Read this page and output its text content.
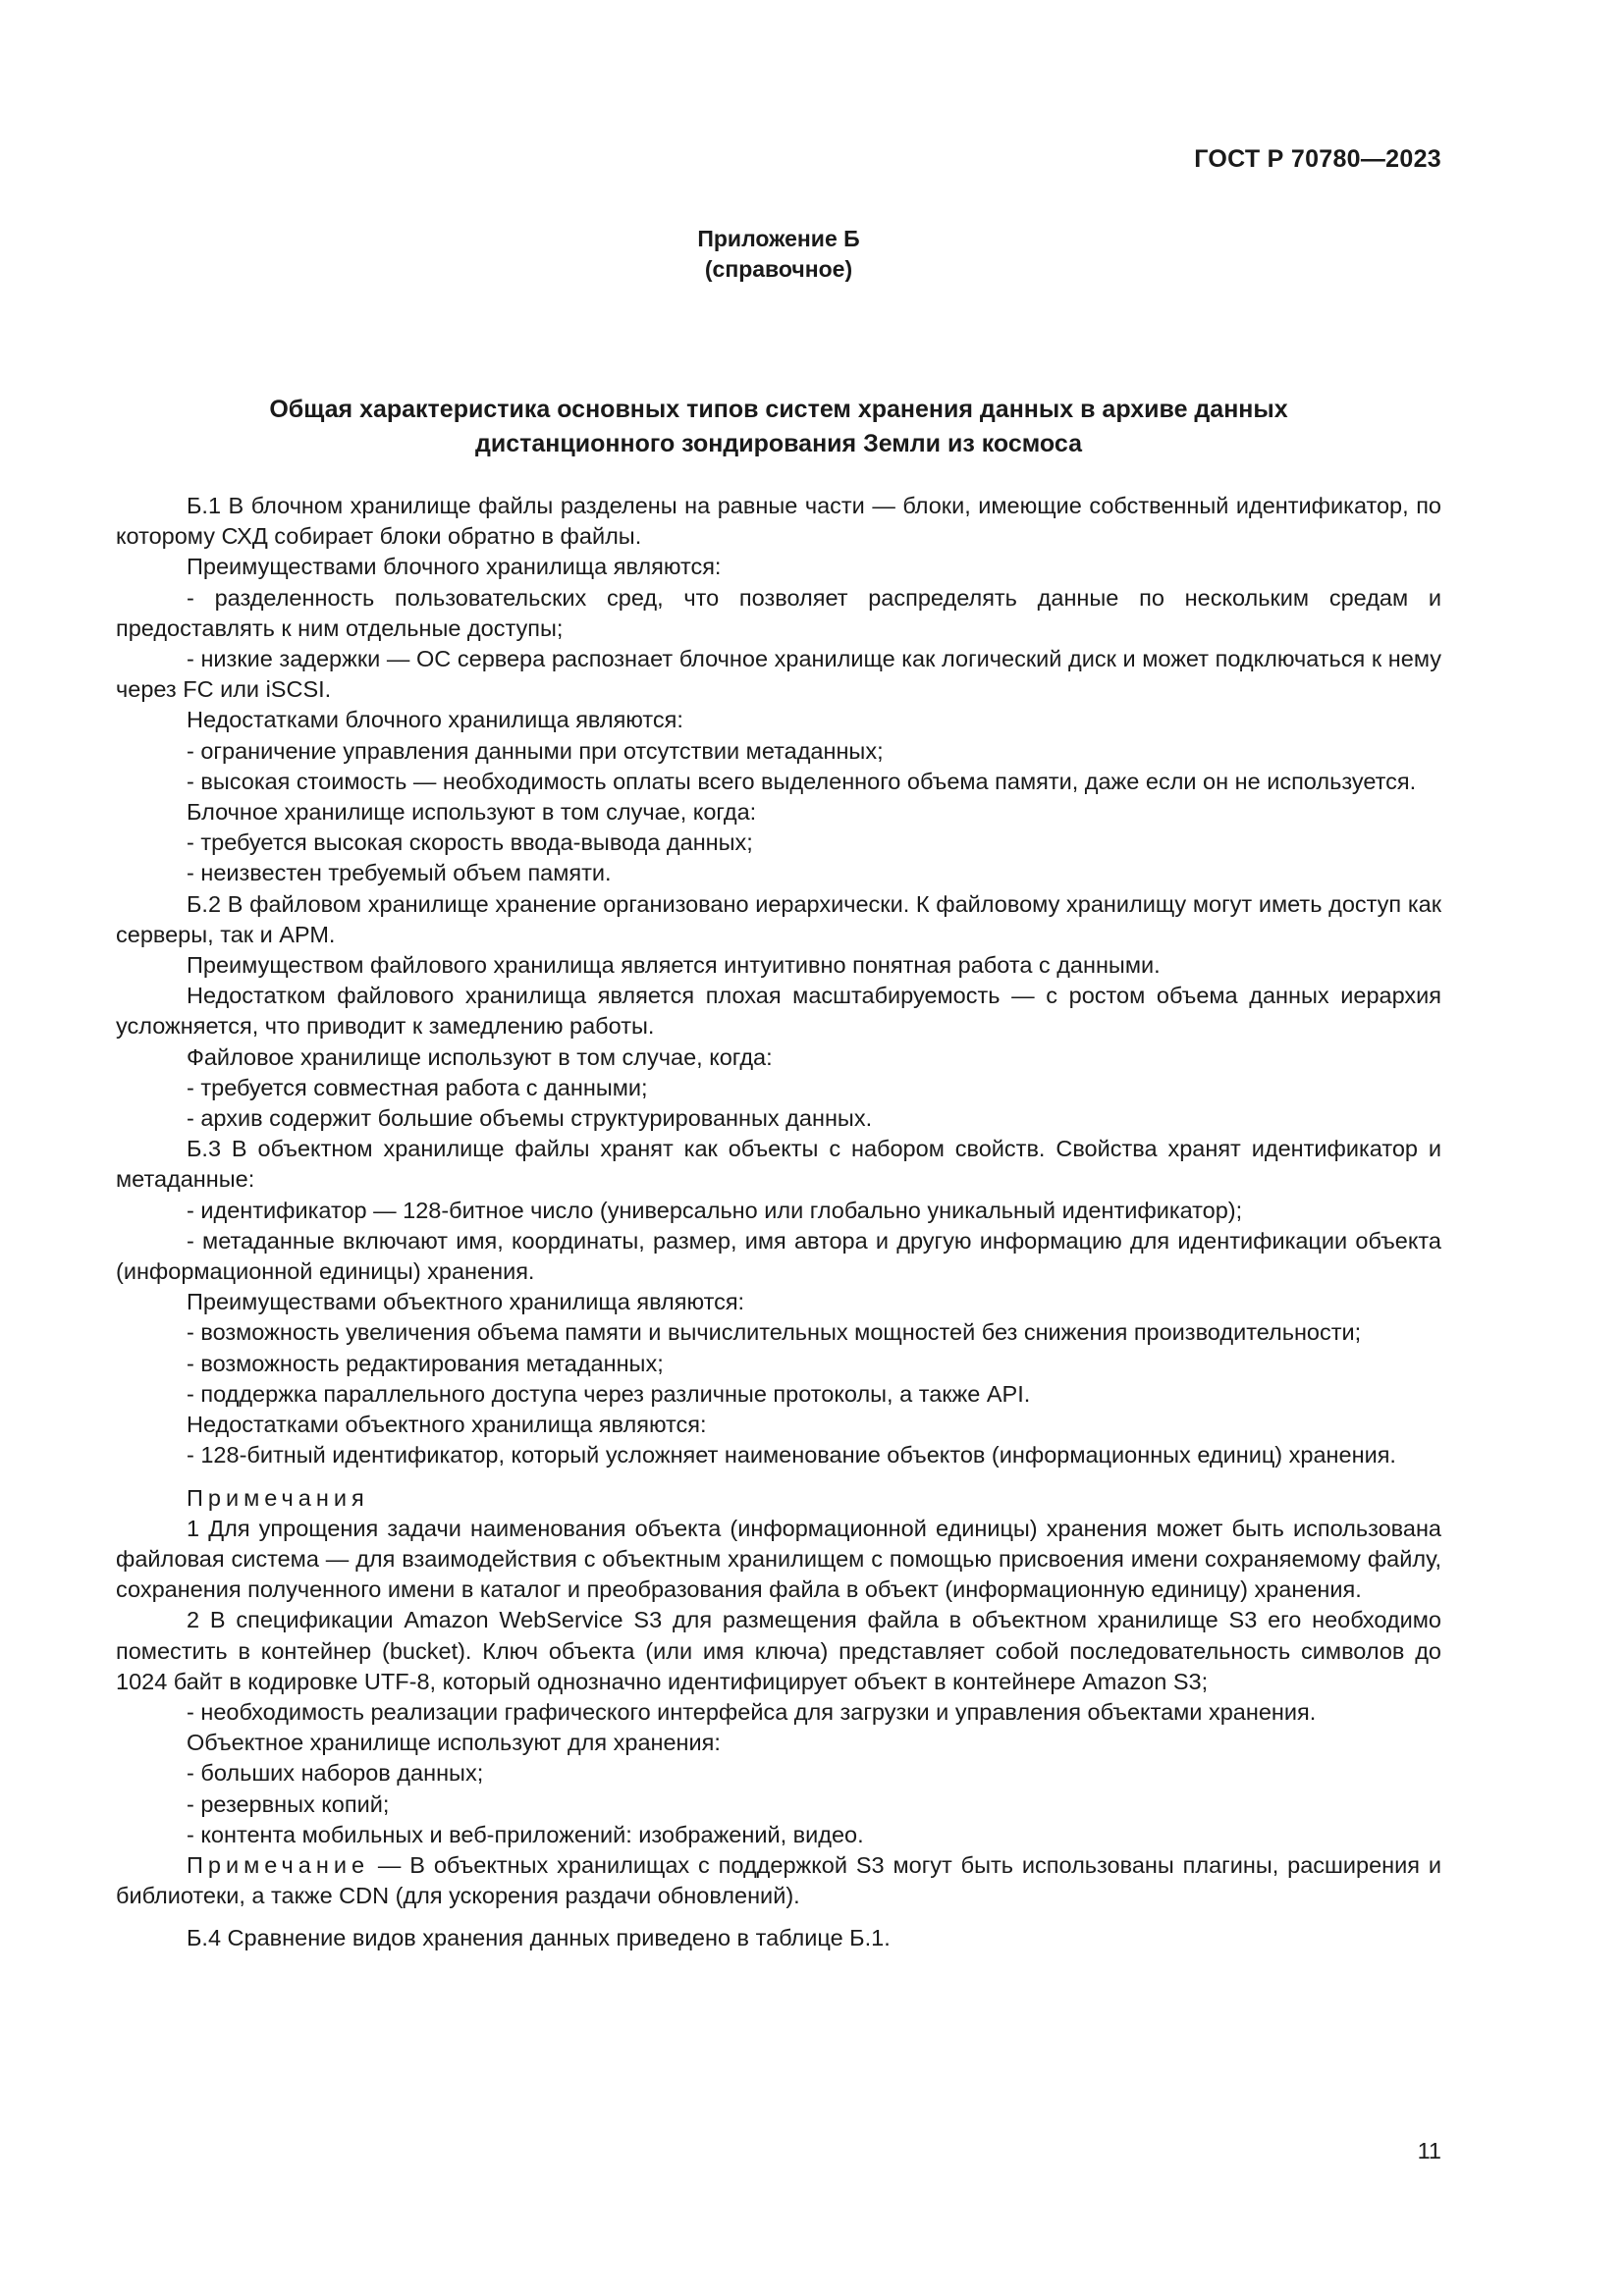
ГОСТ Р 70780—2023
Приложение Б
(справочное)
Общая характеристика основных типов систем хранения данных в архиве данных
дистанционного зондирования Земли из космоса

Б.1 В блочном хранилище файлы разделены на равные части — блоки, имеющие собственный идентификатор, по которому СХД собирает блоки обратно в файлы.

Преимуществами блочного хранилища являются:

- разделенность пользовательских сред, что позволяет распределять данные по нескольким средам и предоставлять к ним отдельные доступы;

- низкие задержки — ОС сервера распознает блочное хранилище как логический диск и может подключаться к нему через FC или iSCSI.

Недостатками блочного хранилища являются:

- ограничение управления данными при отсутствии метаданных;

- высокая стоимость — необходимость оплаты всего выделенного объема памяти, даже если он не используется.

Блочное хранилище используют в том случае, когда:

- требуется высокая скорость ввода-вывода данных;

- неизвестен требуемый объем памяти.

Б.2 В файловом хранилище хранение организовано иерархически. К файловому хранилищу могут иметь доступ как серверы, так и АРМ.

Преимуществом файлового хранилища является интуитивно понятная работа с данными.

Недостатком файлового хранилища является плохая масштабируемость — с ростом объема данных иерархия усложняется, что приводит к замедлению работы.

Файловое хранилище используют в том случае, когда:

- требуется совместная работа с данными;

- архив содержит большие объемы структурированных данных.

Б.3 В объектном хранилище файлы хранят как объекты с набором свойств. Свойства хранят идентификатор и метаданные:

- идентификатор — 128-битное число (универсально или глобально уникальный идентификатор);

- метаданные включают имя, координаты, размер, имя автора и другую информацию для идентификации объекта (информационной единицы) хранения.

Преимуществами объектного хранилища являются:

- возможность увеличения объема памяти и вычислительных мощностей без снижения производительности;

- возможность редактирования метаданных;

- поддержка параллельного доступа через различные протоколы, а также API.

Недостатками объектного хранилища являются:

- 128-битный идентификатор, который усложняет наименование объектов (информационных единиц) хранения.

Примечания

1 Для упрощения задачи наименования объекта (информационной единицы) хранения может быть использована файловая система — для взаимодействия с объектным хранилищем с помощью присвоения имени сохраняемому файлу, сохранения полученного имени в каталог и преобразования файла в объект (информационную единицу) хранения.

2 В спецификации Amazon WebService S3 для размещения файла в объектном хранилище S3 его необходимо поместить в контейнер (bucket). Ключ объекта (или имя ключа) представляет собой последовательность символов до 1024 байт в кодировке UTF-8, который однозначно идентифицирует объект в контейнере Amazon S3;

- необходимость реализации графического интерфейса для загрузки и управления объектами хранения.

Объектное хранилище используют для хранения:

- больших наборов данных;

- резервных копий;

- контента мобильных и веб-приложений: изображений, видео.

Примечание — В объектных хранилищах с поддержкой S3 могут быть использованы плагины, расширения и библиотеки, а также CDN (для ускорения раздачи обновлений).

Б.4 Сравнение видов хранения данных приведено в таблице Б.1.

11
